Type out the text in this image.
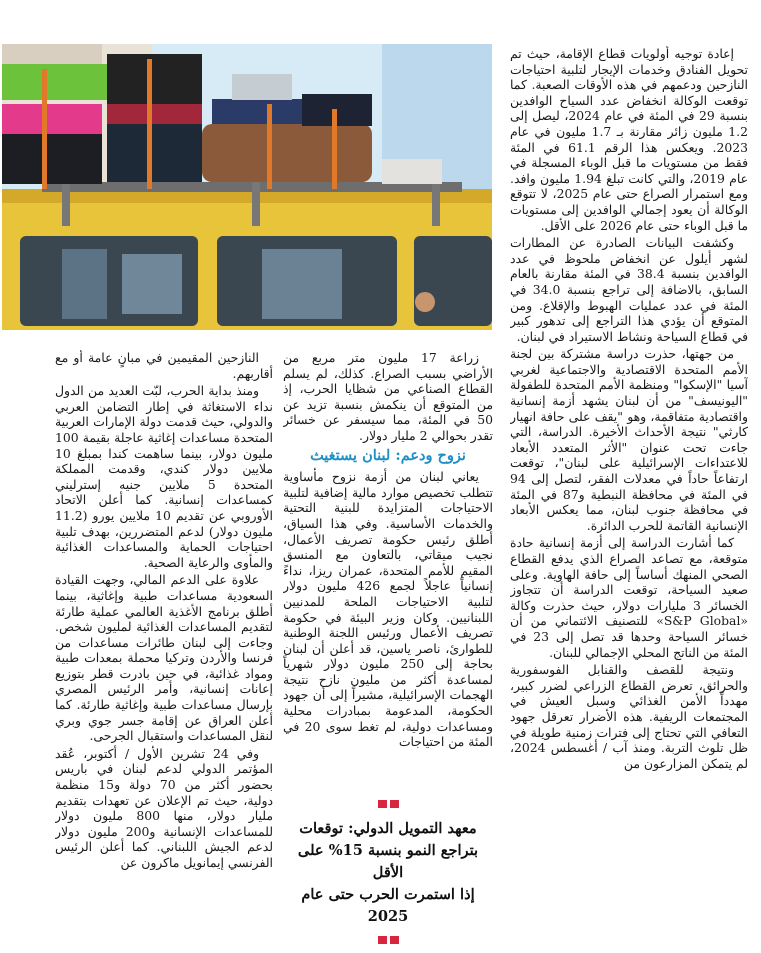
إعادة توجيه أولويات قطاع الإقامة، حيث تم تحويل الفنادق وخدمات الإيجار لتلبية احتياجات النازحين ودعمهم في هذه الأوقات الصعبة. كما توقعت الوكالة انخفاض عدد السياح الوافدين بنسبة 29 في المئة في عام 2024، ليصل إلى 1.2 مليون زائر مقارنة بـ 1.7 مليون في عام 2023. ويعكس هذا الرقم 61.1 في المئة فقط من مستويات ما قبل الوباء المسجلة في عام 2019، والتي كانت تبلغ 1.94 مليون وافد. ومع استمرار الصراع حتى عام 2025، لا تتوقع الوكالة أن يعود إجمالي الوافدين إلى مستويات ما قبل الوباء حتى عام 2026 على الأقل.

وكشفت البيانات الصادرة عن المطارات لشهر أيلول عن انخفاض ملحوظ في عدد الوافدين بنسبة 38.4 في المئة مقارنة بالعام السابق، بالاضافة إلى تراجع بنسبة 34.0 في المئة في عدد عمليات الهبوط والإقلاع. ومن المتوقع أن يؤدي هذا التراجع إلى تدهور كبير في قطاع السياحة ونشاط الاستيراد في لبنان.

من جهتها، حذرت دراسة مشتركة بين لجنة الأمم المتحدة الاقتصادية والاجتماعية لغربي آسيا "الإسكوا" ومنظمة الأمم المتحدة للطفولة "اليونيسف" من أن لبنان يشهد أزمة إنسانية واقتصادية متفاقمة، وهو "يقف على حافة انهيار كارثي" نتيجة الأحداث الأخيرة. الدراسة، التي جاءت تحت عنوان "الأثر المتعدد الأبعاد للاعتداءات الإسرائيلية على لبنان"، توقعت ارتفاعاً حاداً في معدلات الفقر، لتصل إلى 94 في المئة في محافظة النبطية و87 في المئة في محافظة جنوب لبنان، مما يعكس الأبعاد الإنسانية القاتمة للحرب الدائرة.

كما أشارت الدراسة إلى أزمة إنسانية حادة متوقعة، مع تصاعد الصراع الذي يدفع القطاع الصحي المنهك أساساً إلى حافة الهاوية. وعلى صعيد السياحة، توقعت الدراسة أن تتجاوز الخسائر 3 مليارات دولار، حيث حذرت وكالة «S&P Global» للتصنيف الائتماني من أن خسائر السياحة وحدها قد تصل إلى 23 في المئة من الناتج المحلي الإجمالي للبنان.

ونتيجة للقصف والقنابل الفوسفورية والحرائق، تعرض القطاع الزراعي لضرر كبير، مهدداً الأمن الغذائي وسبل العيش في المجتمعات الريفية. هذه الأضرار تعرقل جهود التعافي التي تحتاج إلى فترات زمنية طويلة في ظل تلوث التربة. ومنذ آب / أغسطس 2024، لم يتمكن المزارعون من

زراعة 17 مليون متر مربع من الأراضي بسبب الصراع. كذلك، لم يسلم القطاع الصناعي من شظايا الحرب، إذ من المتوقع أن ينكمش بنسبة تزيد عن 50 في المئة، مما سيسفر عن خسائر تقدر بحوالي 2 مليار دولار.

نزوح ودعم: لبنان يستغيث

يعاني لبنان من أزمة نزوح مأساوية تتطلب تخصيص موارد مالية إضافية لتلبية الاحتياجات المتزايدة للبنية التحتية والخدمات الأساسية. وفي هذا السياق، أطلق رئيس حكومة تصريف الأعمال، نجيب ميقاتي، بالتعاون مع المنسق المقيم للأمم المتحدة، عمران ريزا، نداءً إنسانياً عاجلاً لجمع 426 مليون دولار لتلبية الاحتياجات الملحة للمدنيين اللبنانيين. وكان وزير البيئة في حكومة تصريف الأعمال ورئيس اللجنة الوطنية للطوارئ، ناصر ياسين، قد أعلن أن لبنان بحاجة إلى 250 مليون دولار شهرياً لمساعدة أكثر من مليون نازح نتيجة الهجمات الإسرائيلية، مشيراً إلى أن جهود الحكومة، المدعومة بمبادرات محلية ومساعدات دولية، لم تغط سوى 20 في المئة من احتياجات

معهد التمويل الدولي: توقعات
بتراجع النمو بنسبة 15% على الأقل
إذا استمرت الحرب حتى عام 2025

النازحين المقيمين في مبانٍ عامة أو مع أقاربهم.

ومنذ بداية الحرب، لبّت العديد من الدول نداء الاستغاثة في إطار التضامن العربي والدولي، حيث قدمت دولة الإمارات العربية المتحدة مساعدات إغاثية عاجلة بقيمة 100 مليون دولار، بينما ساهمت كندا بمبلغ 10 ملايين دولار كندي، وقدمت المملكة المتحدة 5 ملايين جنيه إسترليني كمساعدات إنسانية. كما أعلن الاتحاد الأوروبي عن تقديم 10 ملايين يورو (11.2 مليون دولار) لدعم المتضررين، بهدف تلبية احتياجات الحماية والمساعدات الغذائية والمأوى والرعاية الصحية.

علاوة على الدعم المالي، وجهت القيادة السعودية مساعدات طبية وإغاثية، بينما أطلق برنامج الأغذية العالمي عملية طارئة لتقديم المساعدات الغذائية لمليون شخص. وجاءت إلى لبنان طائرات مساعدات من فرنسا والأردن وتركيا محملة بمعدات طبية ومواد غذائية، في حين بادرت قطر بتوزيع إعانات إنسانية، وأمر الرئيس المصري بإرسال مساعدات طبية وإغاثية طارئة. كما أعلن العراق عن إقامة جسر جوي وبري لنقل المساعدات واستقبال الجرحى.

وفي 24 تشرين الأول / أكتوبر، عُقد المؤتمر الدولي لدعم لبنان في باريس بحضور أكثر من 70 دولة و15 منظمة دولية، حيث تم الإعلان عن تعهدات بتقديم مليار دولار، منها 800 مليون دولار للمساعدات الإنسانية و200 مليون دولار لدعم الجيش اللبناني. كما أعلن الرئيس الفرنسي إيمانويل ماكرون عن
